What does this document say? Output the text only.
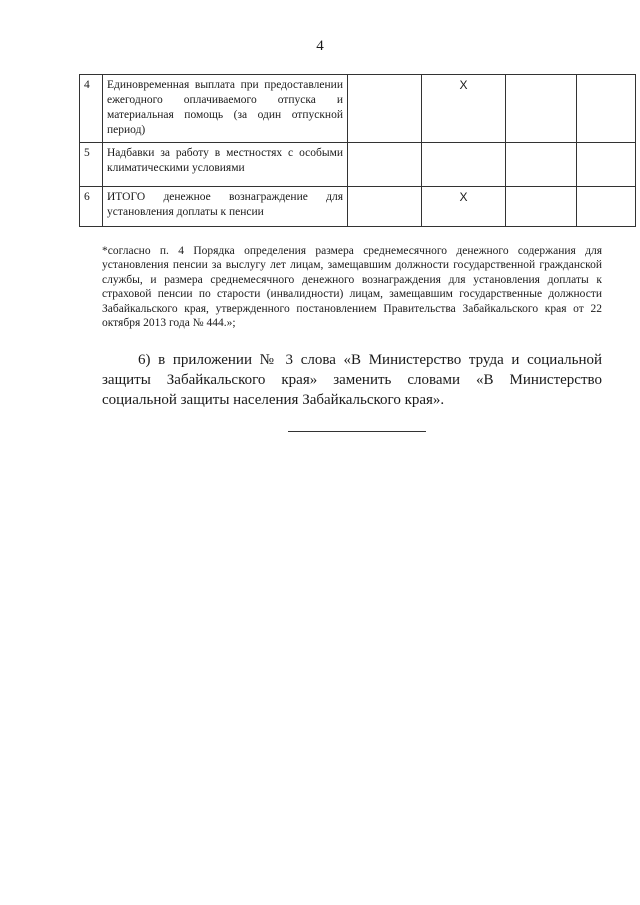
4
4	Единовременная выплата при предоставлении ежегодного оплачиваемого отпуска и материальная помощь (за один отпускной период)		X		
5	Надбавки за работу в местностях с особыми климатическими условиями				
6	ИТОГО денежное вознаграждение для установления доплаты к пенсии		X		
*согласно п. 4 Порядка определения размера среднемесячного денежного содержания для установления пенсии за выслугу лет лицам, замещавшим должности государственной гражданской службы, и размера среднемесячного денежного вознаграждения для установления доплаты к страховой пенсии по старости (инвалидности) лицам, замещавшим государственные должности Забайкальского края, утвержденного постановлением Правительства Забайкальского края от 22 октября 2013 года № 444.»;
6) в приложении № 3 слова «В Министерство труда и социальной защиты Забайкальского края» заменить словами «В Министерство социальной защиты населения Забайкальского края».
